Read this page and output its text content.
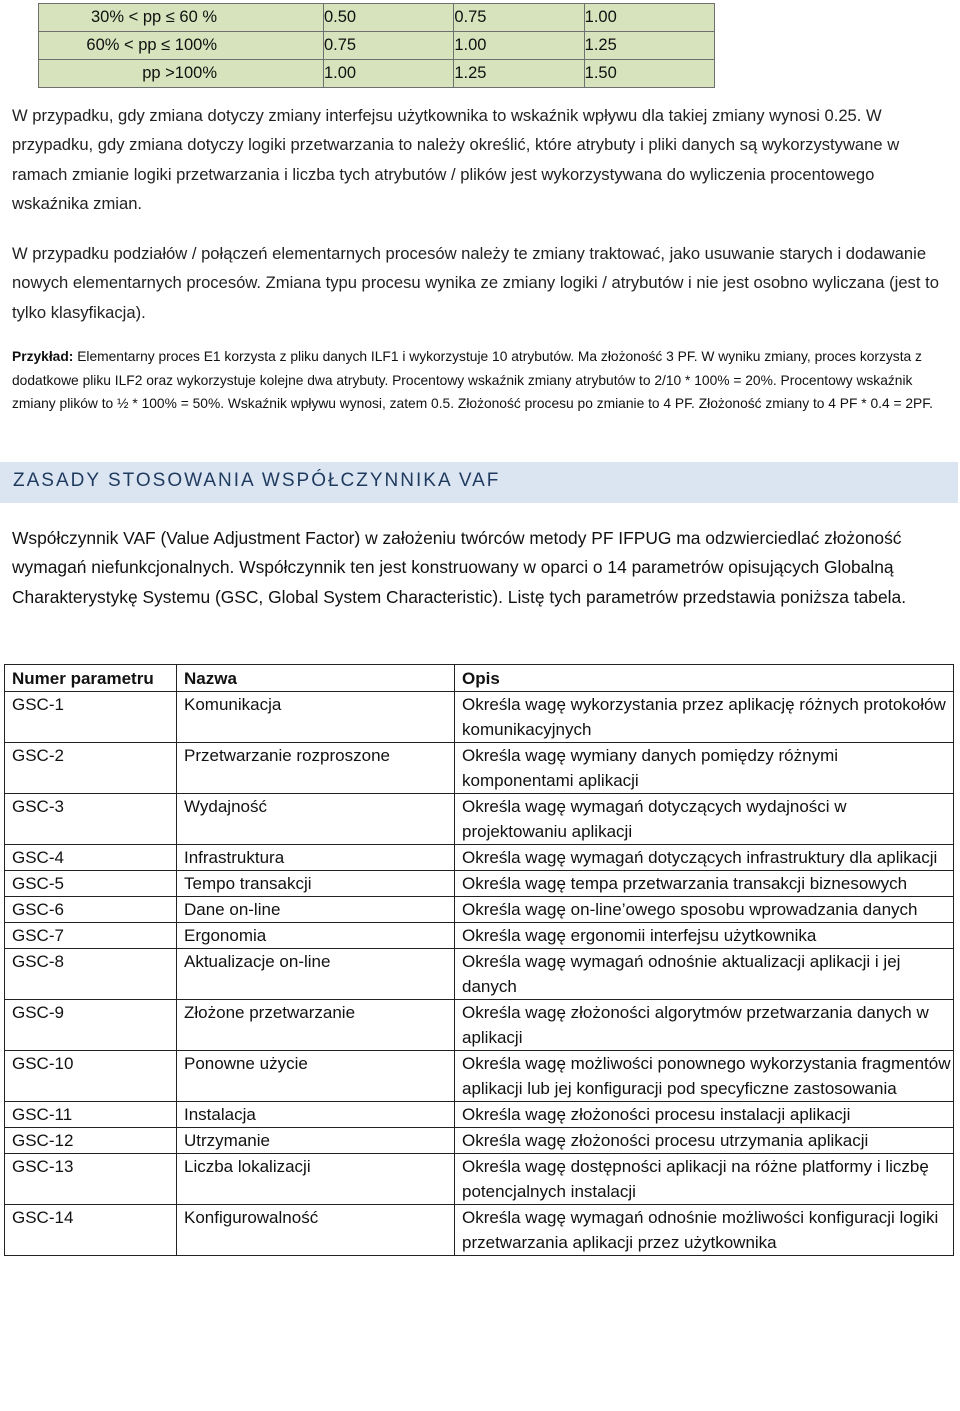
30% < pp ≤ 60 %	0.50	0.75	1.00
60% < pp ≤ 100%	0.75	1.00	1.25
pp >100%	1.00	1.25	1.50
W przypadku, gdy zmiana dotyczy zmiany interfejsu użytkownika to wskaźnik wpływu dla takiej zmiany wynosi 0.25. W przypadku, gdy zmiana dotyczy logiki przetwarzania to należy określić, które atrybuty i pliki danych są wykorzystywane w ramach zmianie logiki przetwarzania i liczba tych atrybutów / plików jest wykorzystywana do wyliczenia procentowego wskaźnika zmian.
W przypadku podziałów / połączeń elementarnych procesów należy te zmiany traktować, jako usuwanie starych i dodawanie nowych elementarnych procesów. Zmiana typu procesu wynika ze zmiany logiki / atrybutów i nie jest osobno wyliczana (jest to tylko klasyfikacja).
Przykład: Elementarny proces E1 korzysta z pliku danych ILF1 i wykorzystuje 10 atrybutów. Ma złożoność 3 PF. W wyniku zmiany, proces korzysta z dodatkowe pliku ILF2 oraz wykorzystuje kolejne dwa atrybuty. Procentowy wskaźnik zmiany atrybutów to 2/10 * 100% = 20%. Procentowy wskaźnik zmiany plików to ½ * 100% = 50%. Wskaźnik wpływu wynosi, zatem 0.5. Złożoność procesu po zmianie to 4 PF. Złożoność zmiany to 4 PF * 0.4 = 2PF.
ZASADY STOSOWANIA WSPÓŁCZYNNIKA VAF
Współczynnik VAF (Value Adjustment Factor) w założeniu twórców metody PF IFPUG ma odzwierciedlać złożoność wymagań niefunkcjonalnych. Współczynnik ten jest konstruowany w oparci o 14 parametrów opisujących Globalną Charakterystykę Systemu (GSC, Global System Characteristic). Listę tych parametrów przedstawia poniższa tabela.
Numer parametru	Nazwa	Opis
GSC-1	Komunikacja	Określa wagę wykorzystania przez aplikację różnych protokołów komunikacyjnych
GSC-2	Przetwarzanie rozproszone	Określa wagę wymiany danych pomiędzy różnymi komponentami aplikacji
GSC-3	Wydajność	Określa wagę wymagań dotyczących wydajności w projektowaniu aplikacji
GSC-4	Infrastruktura	Określa wagę wymagań dotyczących infrastruktury dla aplikacji
GSC-5	Tempo transakcji	Określa wagę tempa przetwarzania transakcji biznesowych
GSC-6	Dane on-line	Określa wagę on-line’owego sposobu wprowadzania danych
GSC-7	Ergonomia	Określa wagę ergonomii interfejsu użytkownika
GSC-8	Aktualizacje on-line	Określa wagę wymagań odnośnie aktualizacji aplikacji i jej danych
GSC-9	Złożone przetwarzanie	Określa wagę złożoności algorytmów przetwarzania danych w aplikacji
GSC-10	Ponowne użycie	Określa wagę możliwości ponownego wykorzystania fragmentów aplikacji lub jej konfiguracji pod specyficzne zastosowania
GSC-11	Instalacja	Określa wagę złożoności procesu instalacji aplikacji
GSC-12	Utrzymanie	Określa wagę złożoności procesu utrzymania aplikacji
GSC-13	Liczba lokalizacji	Określa wagę dostępności aplikacji na różne platformy i liczbę potencjalnych instalacji
GSC-14	Konfigurowalność	Określa wagę wymagań odnośnie możliwości konfiguracji logiki przetwarzania aplikacji przez użytkownika
